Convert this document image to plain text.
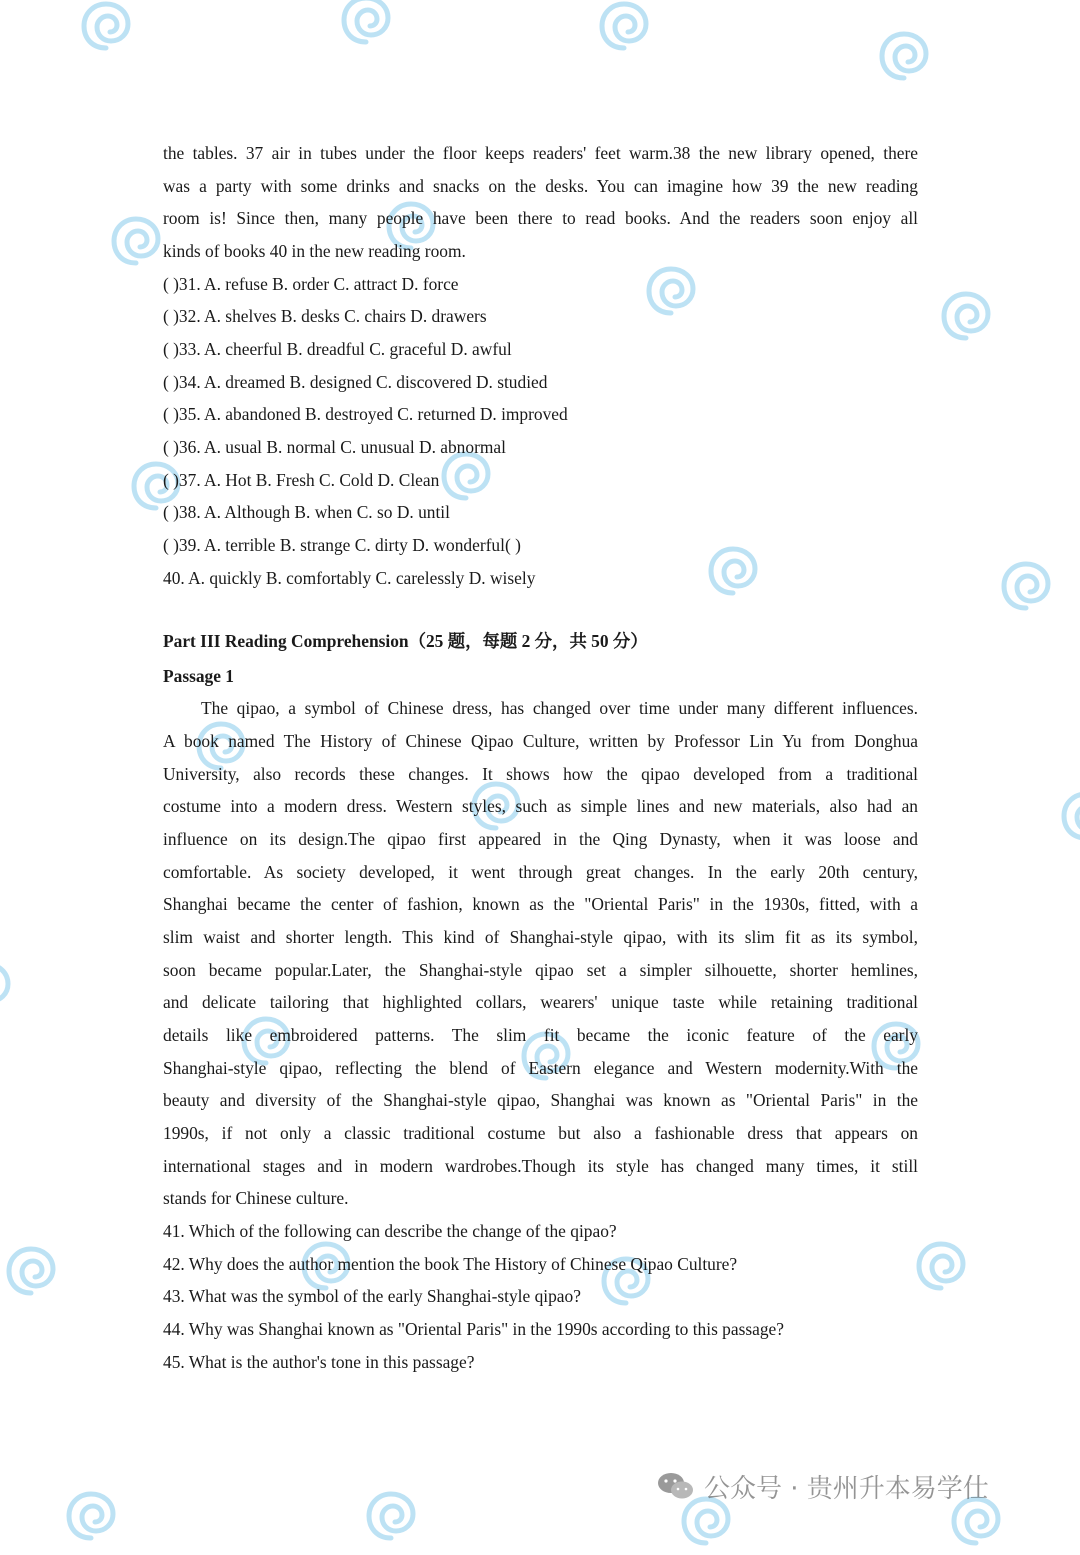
the tables. 37 air in tubes under the floor keeps readers' feet warm.38 the new library opened, there
was a party with some drinks and snacks on the desks. You can imagine how 39 the new reading
room is! Since then, many people have been there to read books. And the readers soon enjoy all
kinds of books 40 in the new reading room.
( )31. A. refuse B. order C. attract D. force
( )32. A. shelves B. desks C. chairs D. drawers
( )33. A. cheerful B. dreadful C. graceful D. awful
( )34. A. dreamed B. designed C. discovered D. studied
( )35. A. abandoned B. destroyed C. returned D. improved
( )36. A. usual B. normal C. unusual D. abnormal
( )37. A. Hot B. Fresh C. Cold D. Clean
( )38. A. Although B. when C. so D. until
( )39. A. terrible B. strange C. dirty D. wonderful( )
40. A. quickly B. comfortably C. carelessly D. wisely
Part III Reading Comprehension（25 题，每题 2 分，共 50 分）
Passage 1
The qipao, a symbol of Chinese dress, has changed over time under many different influences.
A book named The History of Chinese Qipao Culture, written by Professor Lin Yu from Donghua
University, also records these changes. It shows how the qipao developed from a traditional
costume into a modern dress. Western styles, such as simple lines and new materials, also had an
influence on its design.The qipao first appeared in the Qing Dynasty, when it was loose and
comfortable. As society developed, it went through great changes. In the early 20th century,
Shanghai became the center of fashion, known as the "Oriental Paris" in the 1930s, fitted, with a
slim waist and shorter length. This kind of Shanghai-style qipao, with its slim fit as its symbol,
soon became popular.Later, the Shanghai-style qipao set a simpler silhouette, shorter hemlines,
and delicate tailoring that highlighted collars, wearers' unique taste while retaining traditional
details like embroidered patterns. The slim fit became the iconic feature of the early
Shanghai-style qipao, reflecting the blend of Eastern elegance and Western modernity.With the
beauty and diversity of the Shanghai-style qipao, Shanghai was known as "Oriental Paris" in the
1990s, if not only a classic traditional costume but also a fashionable dress that appears on
international stages and in modern wardrobes.Though its style has changed many times, it still
stands for Chinese culture.
41. Which of the following can describe the change of the qipao?
42. Why does the author mention the book The History of Chinese Qipao Culture?
43. What was the symbol of the early Shanghai-style qipao?
44. Why was Shanghai known as "Oriental Paris" in the 1990s according to this passage?
45. What is the author's tone in this passage?
公众号 · 贵州升本易学仕
